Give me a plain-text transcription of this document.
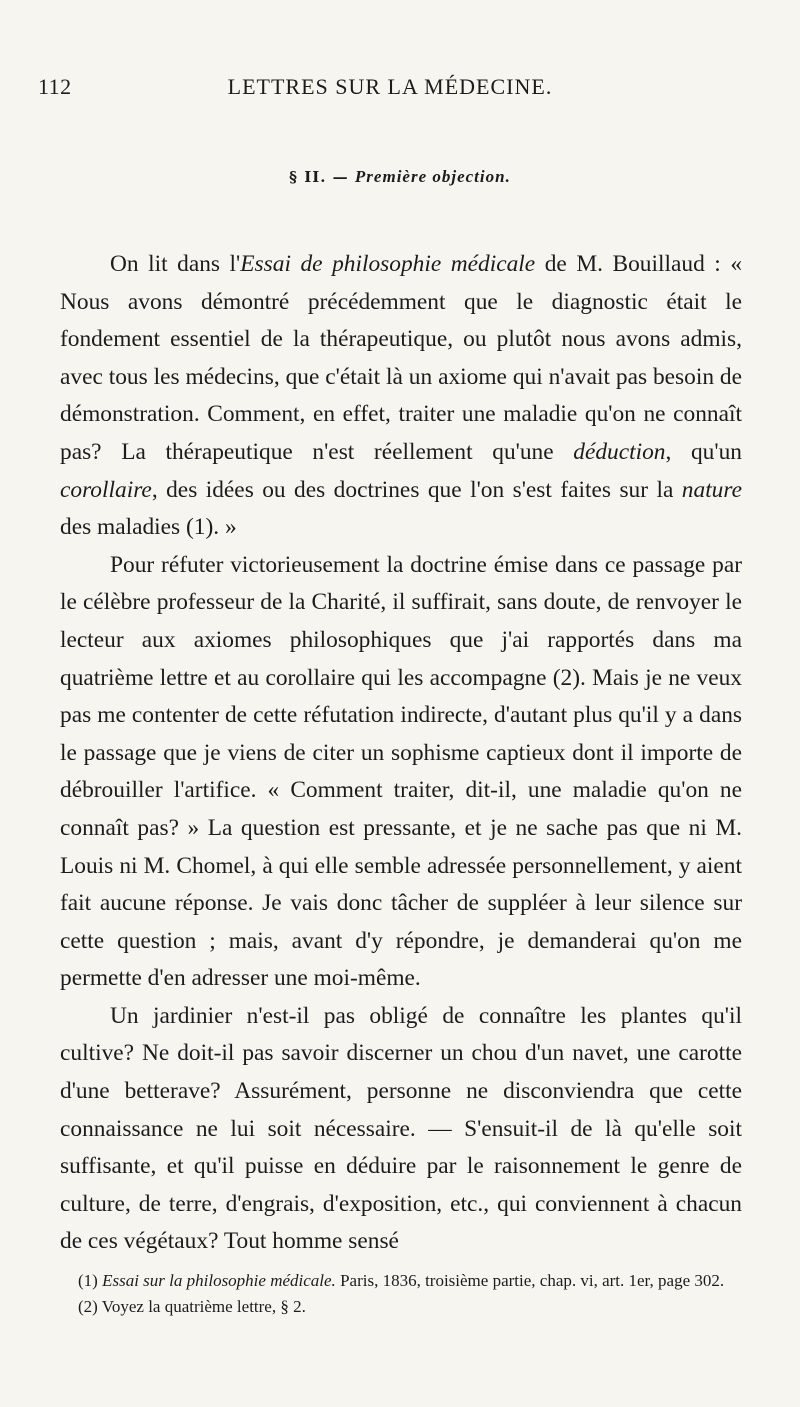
112	LETTRES SUR LA MÉDECINE.
§ II. — Première objection.

On lit dans l'Essai de philosophie médicale de M. Bouillaud : « Nous avons démontré précédemment que le diagnostic était le fondement essentiel de la thérapeutique, ou plutôt nous avons admis, avec tous les médecins, que c'était là un axiome qui n'avait pas besoin de démonstration. Comment, en effet, traiter une maladie qu'on ne connaît pas? La thérapeutique n'est réellement qu'une déduction, qu'un corollaire, des idées ou des doctrines que l'on s'est faites sur la nature des maladies (1). »

Pour réfuter victorieusement la doctrine émise dans ce passage par le célèbre professeur de la Charité, il suffirait, sans doute, de renvoyer le lecteur aux axiomes philosophiques que j'ai rapportés dans ma quatrième lettre et au corollaire qui les accompagne (2). Mais je ne veux pas me contenter de cette réfutation indirecte, d'autant plus qu'il y a dans le passage que je viens de citer un sophisme captieux dont il importe de débrouiller l'artifice. « Comment traiter, dit-il, une maladie qu'on ne connaît pas? » La question est pressante, et je ne sache pas que ni M. Louis ni M. Chomel, à qui elle semble adressée personnellement, y aient fait aucune réponse. Je vais donc tâcher de suppléer à leur silence sur cette question ; mais, avant d'y répondre, je demanderai qu'on me permette d'en adresser une moi-même.

Un jardinier n'est-il pas obligé de connaître les plantes qu'il cultive? Ne doit-il pas savoir discerner un chou d'un navet, une carotte d'une betterave? Assurément, personne ne disconviendra que cette connaissance ne lui soit nécessaire. — S'ensuit-il de là qu'elle soit suffisante, et qu'il puisse en déduire par le raisonnement le genre de culture, de terre, d'engrais, d'exposition, etc., qui conviennent à chacun de ces végétaux? Tout homme sensé

(1) Essai sur la philosophie médicale. Paris, 1836, troisième partie, chap. vi, art. 1er, page 302.

(2) Voyez la quatrième lettre, § 2.
